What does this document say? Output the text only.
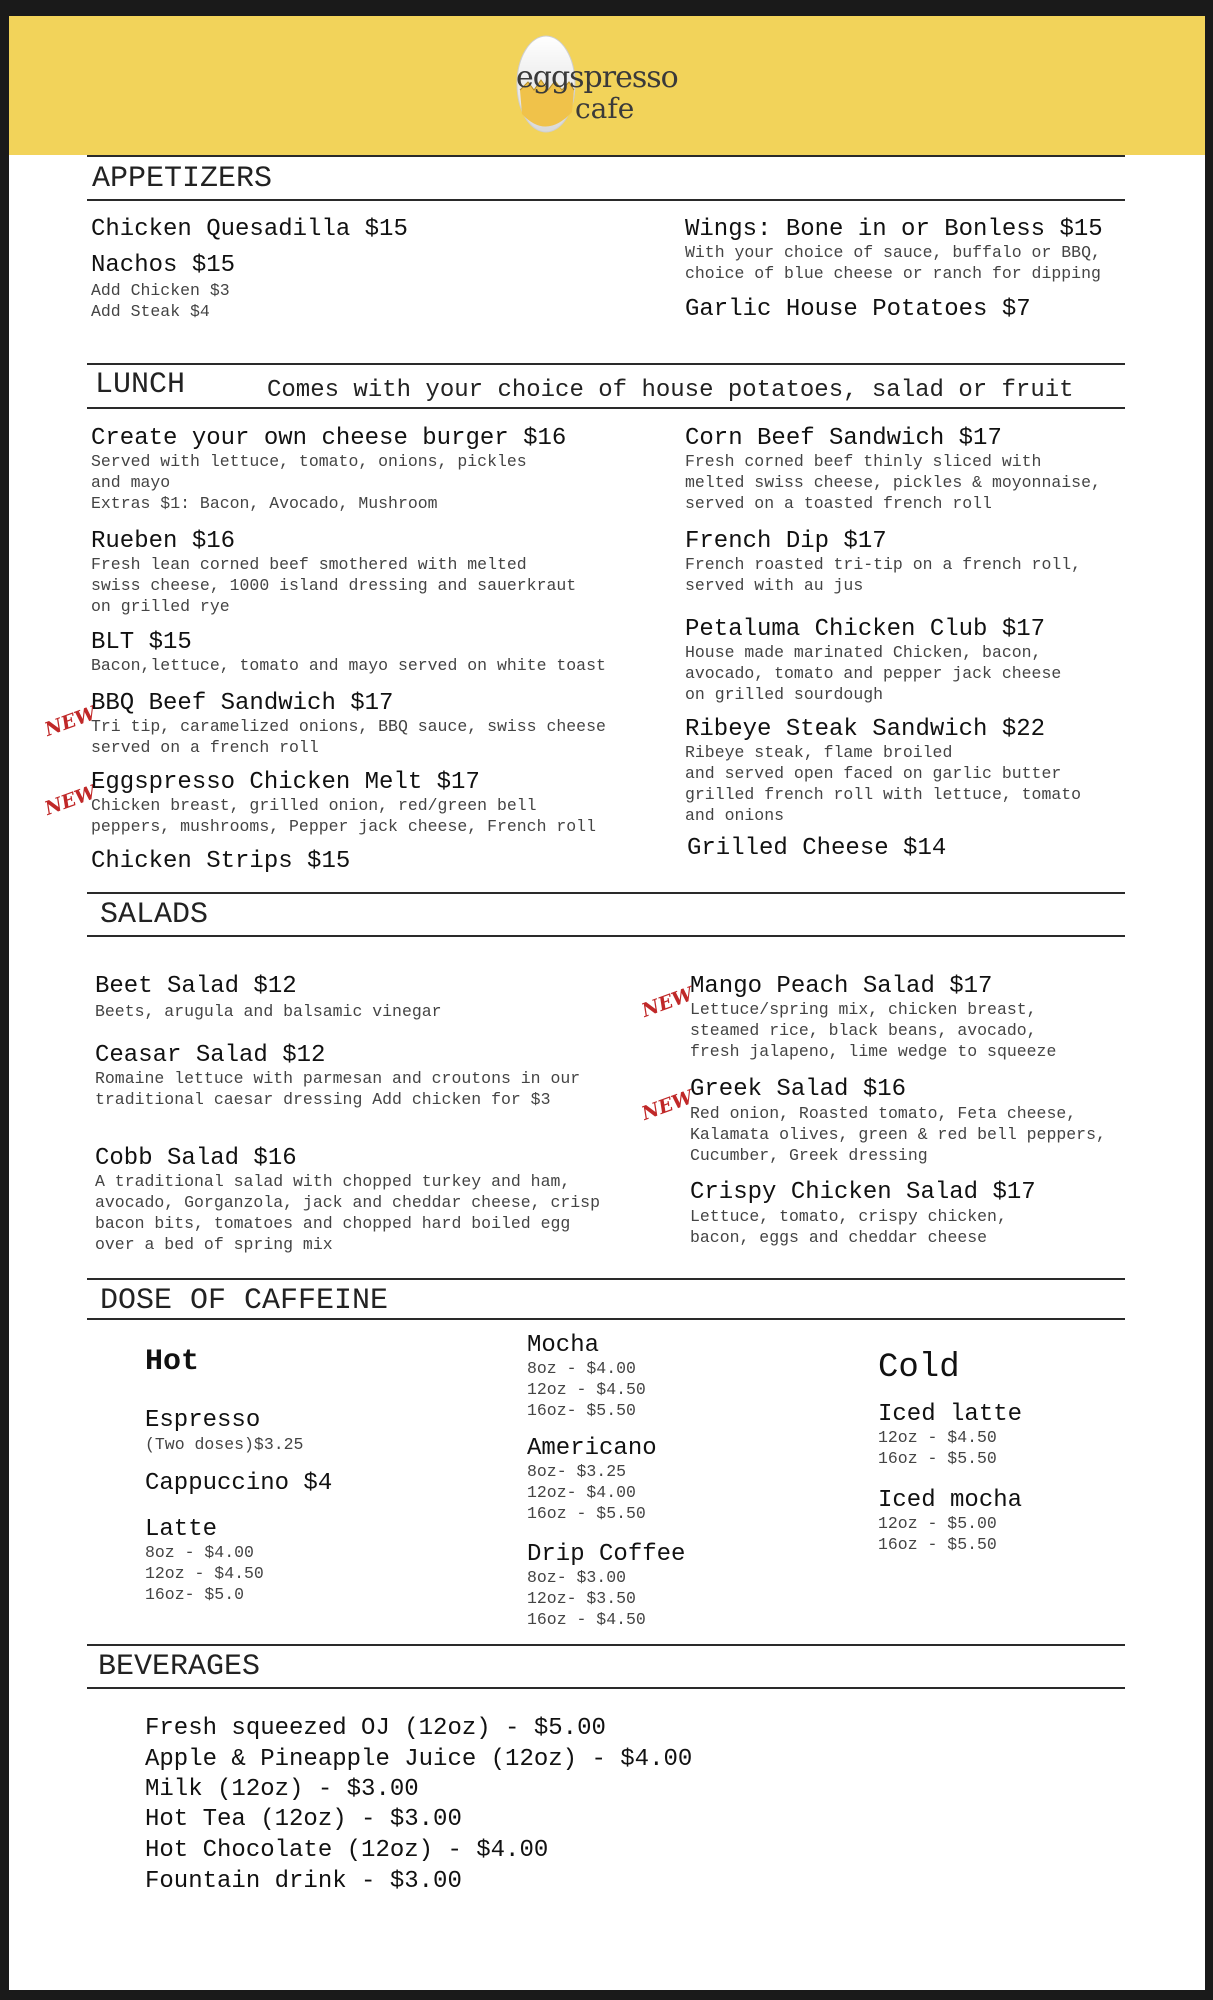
eggspresso
cafe
APPETIZERS
Chicken Quesadilla $15
Nachos $15
Add Chicken $3
Add Steak $4
Wings: Bone in or Bonless $15
With your choice of sauce, buffalo or BBQ,
choice of blue cheese or ranch for dipping
Garlic House Potatoes $7
LUNCH	Comes with your choice of house potatoes, salad or fruit
Create your own cheese burger $16
Served with lettuce, tomato, onions, pickles
and mayo
Extras $1: Bacon, Avocado, Mushroom
Rueben $16
Fresh lean corned beef smothered with melted
swiss cheese, 1000 island dressing and sauerkraut
on grilled rye
BLT $15
Bacon,lettuce, tomato and mayo served on white toast
NEW
BBQ Beef Sandwich $17
Tri tip, caramelized onions, BBQ sauce, swiss cheese
served on a french roll
NEW
Eggspresso Chicken Melt $17
Chicken breast, grilled onion, red/green bell
peppers, mushrooms, Pepper jack cheese, French roll
Chicken Strips $15
Corn Beef Sandwich $17
Fresh corned beef thinly sliced with
melted swiss cheese, pickles & moyonnaise,
served on a toasted french roll
French Dip $17
French roasted tri-tip on a french roll,
served with au jus
Petaluma Chicken Club $17
House made marinated Chicken, bacon,
avocado, tomato and pepper jack cheese
on grilled sourdough
Ribeye Steak Sandwich $22
Ribeye steak, flame broiled
and served open faced on garlic butter
grilled french roll with lettuce, tomato
and onions
Grilled Cheese $14
SALADS
Beet Salad $12
Beets, arugula and balsamic vinegar
Ceasar Salad $12
Romaine lettuce with parmesan and croutons in our
traditional caesar dressing Add chicken for $3
Cobb Salad $16
A traditional salad with chopped turkey and ham,
avocado, Gorganzola, jack and cheddar cheese, crisp
bacon bits, tomatoes and chopped hard boiled egg
over a bed of spring mix
NEW
Mango Peach Salad $17
Lettuce/spring mix, chicken breast,
steamed rice, black beans, avocado,
fresh jalapeno, lime wedge to squeeze
NEW
Greek Salad $16
Red onion, Roasted tomato, Feta cheese,
Kalamata olives, green & red bell peppers,
Cucumber, Greek dressing
Crispy Chicken Salad $17
Lettuce, tomato, crispy chicken,
bacon, eggs and cheddar cheese
DOSE OF CAFFEINE
Hot
Espresso
(Two doses)$3.25
Cappuccino $4
Latte
8oz - $4.00
12oz - $4.50
16oz- $5.0
Mocha
8oz - $4.00
12oz - $4.50
16oz- $5.50
Americano
8oz- $3.25
12oz- $4.00
16oz - $5.50
Drip Coffee
8oz- $3.00
12oz- $3.50
16oz - $4.50
Cold
Iced latte
12oz - $4.50
16oz - $5.50
Iced mocha
12oz - $5.00
16oz - $5.50
BEVERAGES
Fresh squeezed OJ (12oz) - $5.00
Apple & Pineapple Juice (12oz) - $4.00
Milk (12oz) - $3.00
Hot Tea (12oz) - $3.00
Hot Chocolate (12oz) - $4.00
Fountain drink - $3.00
